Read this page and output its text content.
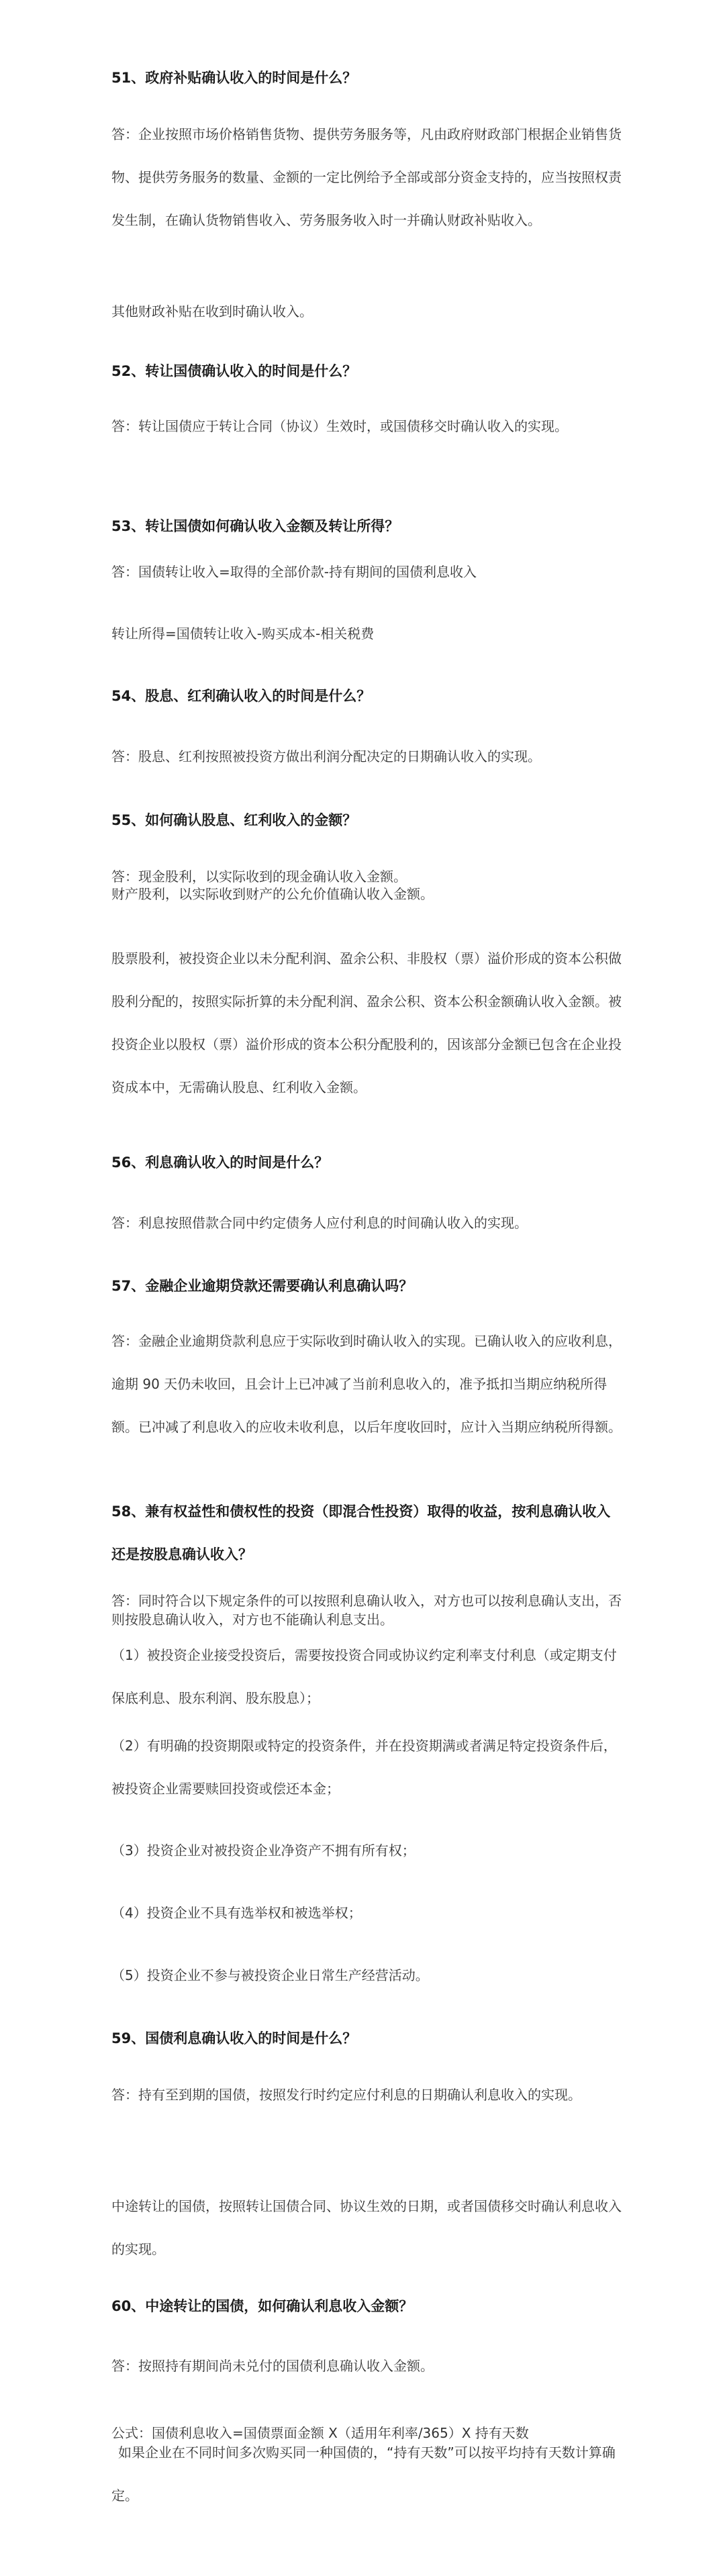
51、政府补贴确认收入的时间是什么？

答：企业按照市场价格销售货物、提供劳务服务等，凡由政府财政部门根据企业销售货物、提供劳务服务的数量、金额的一定比例给予全部或部分资金支持的，应当按照权责发生制，在确认货物销售收入、劳务服务收入时一并确认财政补贴收入。

其他财政补贴在收到时确认收入。

52、转让国债确认收入的时间是什么？

答：转让国债应于转让合同（协议）生效时，或国债移交时确认收入的实现。

53、转让国债如何确认收入金额及转让所得？

答：国债转让收入=取得的全部价款-持有期间的国债利息收入

转让所得=国债转让收入-购买成本-相关税费

54、股息、红利确认收入的时间是什么？

答：股息、红利按照被投资方做出利润分配决定的日期确认收入的实现。

55、如何确认股息、红利收入的金额？

答：现金股利，以实际收到的现金确认收入金额。

财产股利，以实际收到财产的公允价值确认收入金额。

股票股利，被投资企业以未分配利润、盈余公积、非股权（票）溢价形成的资本公积做股利分配的，按照实际折算的未分配利润、盈余公积、资本公积金额确认收入金额。被投资企业以股权（票）溢价形成的资本公积分配股利的，因该部分金额已包含在企业投资成本中，无需确认股息、红利收入金额。

56、利息确认收入的时间是什么？

答：利息按照借款合同中约定债务人应付利息的时间确认收入的实现。

57、金融企业逾期贷款还需要确认利息确认吗？

答：金融企业逾期贷款利息应于实际收到时确认收入的实现。已确认收入的应收利息，逾期 90 天仍未收回，且会计上已冲减了当前利息收入的，准予抵扣当期应纳税所得额。已冲减了利息收入的应收未收利息，以后年度收回时，应计入当期应纳税所得额。

58、兼有权益性和债权性的投资（即混合性投资）取得的收益，按利息确认收入还是按股息确认收入？

答：同时符合以下规定条件的可以按照利息确认收入，对方也可以按利息确认支出，否则按股息确认收入，对方也不能确认利息支出。

（1）被投资企业接受投资后，需要按投资合同或协议约定利率支付利息（或定期支付保底利息、股东利润、股东股息）；

（2）有明确的投资期限或特定的投资条件，并在投资期满或者满足特定投资条件后，被投资企业需要赎回投资或偿还本金；

（3）投资企业对被投资企业净资产不拥有所有权；

（4）投资企业不具有选举权和被选举权；

（5）投资企业不参与被投资企业日常生产经营活动。

59、国债利息确认收入的时间是什么？

答：持有至到期的国债，按照发行时约定应付利息的日期确认利息收入的实现。

中途转让的国债，按照转让国债合同、协议生效的日期，或者国债移交时确认利息收入的实现。

60、中途转让的国债，如何确认利息收入金额？

答：按照持有期间尚未兑付的国债利息确认收入金额。

公式：国债利息收入=国债票面金额 X（适用年利率/365）X 持有天数

如果企业在不同时间多次购买同一种国债的，“持有天数”可以按平均持有天数计算确定。
